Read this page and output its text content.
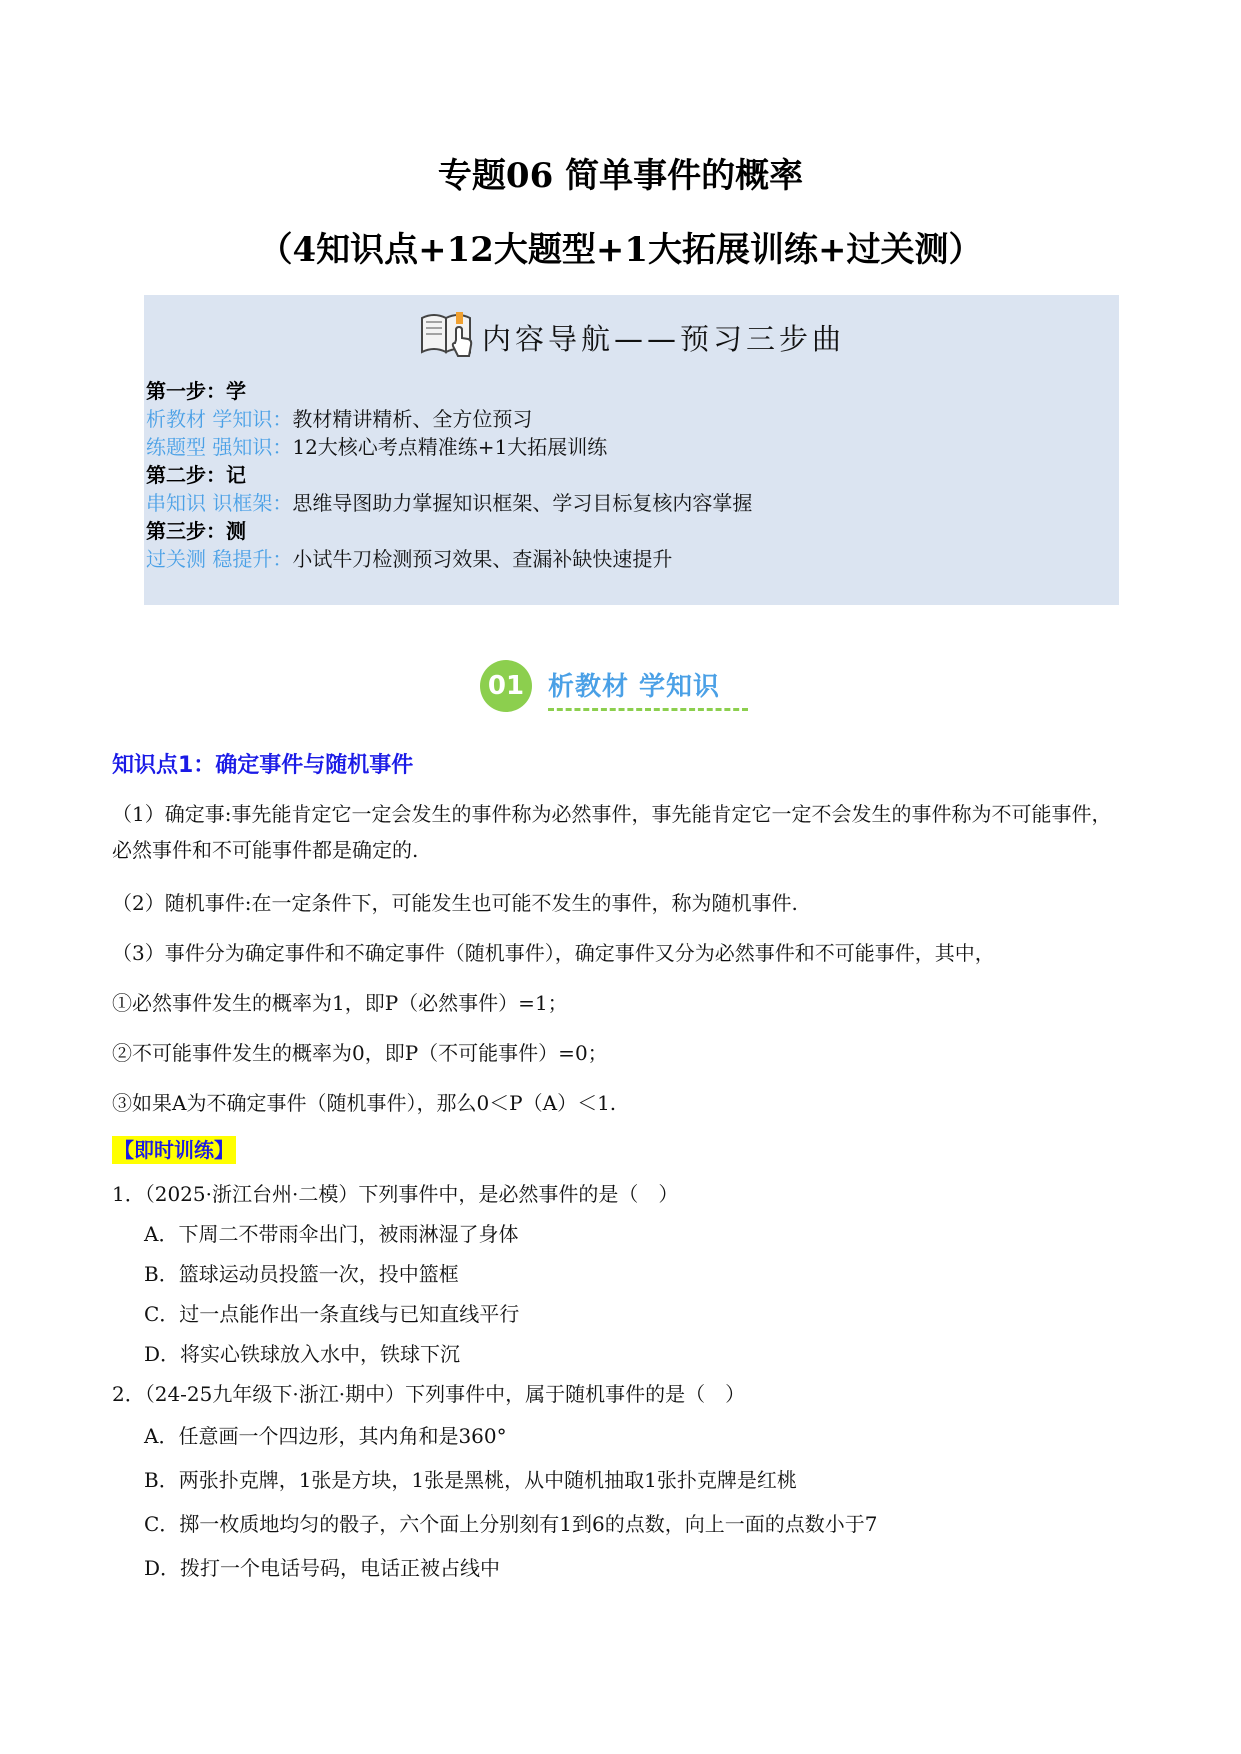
专题06 简单事件的概率
（4知识点+12大题型+1大拓展训练+过关测）
内容导航——预习三步曲
第一步：学
析教材 学知识：教材精讲精析、全方位预习
练题型 强知识：12大核心考点精准练+1大拓展训练
第二步：记
串知识 识框架：思维导图助力掌握知识框架、学习目标复核内容掌握
第三步：测
过关测 稳提升：小试牛刀检测预习效果、查漏补缺快速提升
01 析教材 学知识
知识点1：确定事件与随机事件
（1）确定事:事先能肯定它一定会发生的事件称为必然事件，事先能肯定它一定不会发生的事件称为不可能事件，必然事件和不可能事件都是确定的.
（2）随机事件:在一定条件下，可能发生也可能不发生的事件，称为随机事件.
（3）事件分为确定事件和不确定事件（随机事件），确定事件又分为必然事件和不可能事件，其中，
①必然事件发生的概率为1，即P（必然事件）=1；
②不可能事件发生的概率为0，即P（不可能事件）=0；
③如果A为不确定事件（随机事件），那么0＜P（A）＜1.
【即时训练】
1．（2025·浙江台州·二模）下列事件中，是必然事件的是（　）
A．下周二不带雨伞出门，被雨淋湿了身体
B．篮球运动员投篮一次，投中篮框
C．过一点能作出一条直线与已知直线平行
D．将实心铁球放入水中，铁球下沉
2．（24-25九年级下·浙江·期中）下列事件中，属于随机事件的是（　）
A．任意画一个四边形，其内角和是360°
B．两张扑克牌，1张是方块，1张是黑桃，从中随机抽取1张扑克牌是红桃
C．掷一枚质地均匀的骰子，六个面上分别刻有1到6的点数，向上一面的点数小于7
D．拨打一个电话号码，电话正被占线中
